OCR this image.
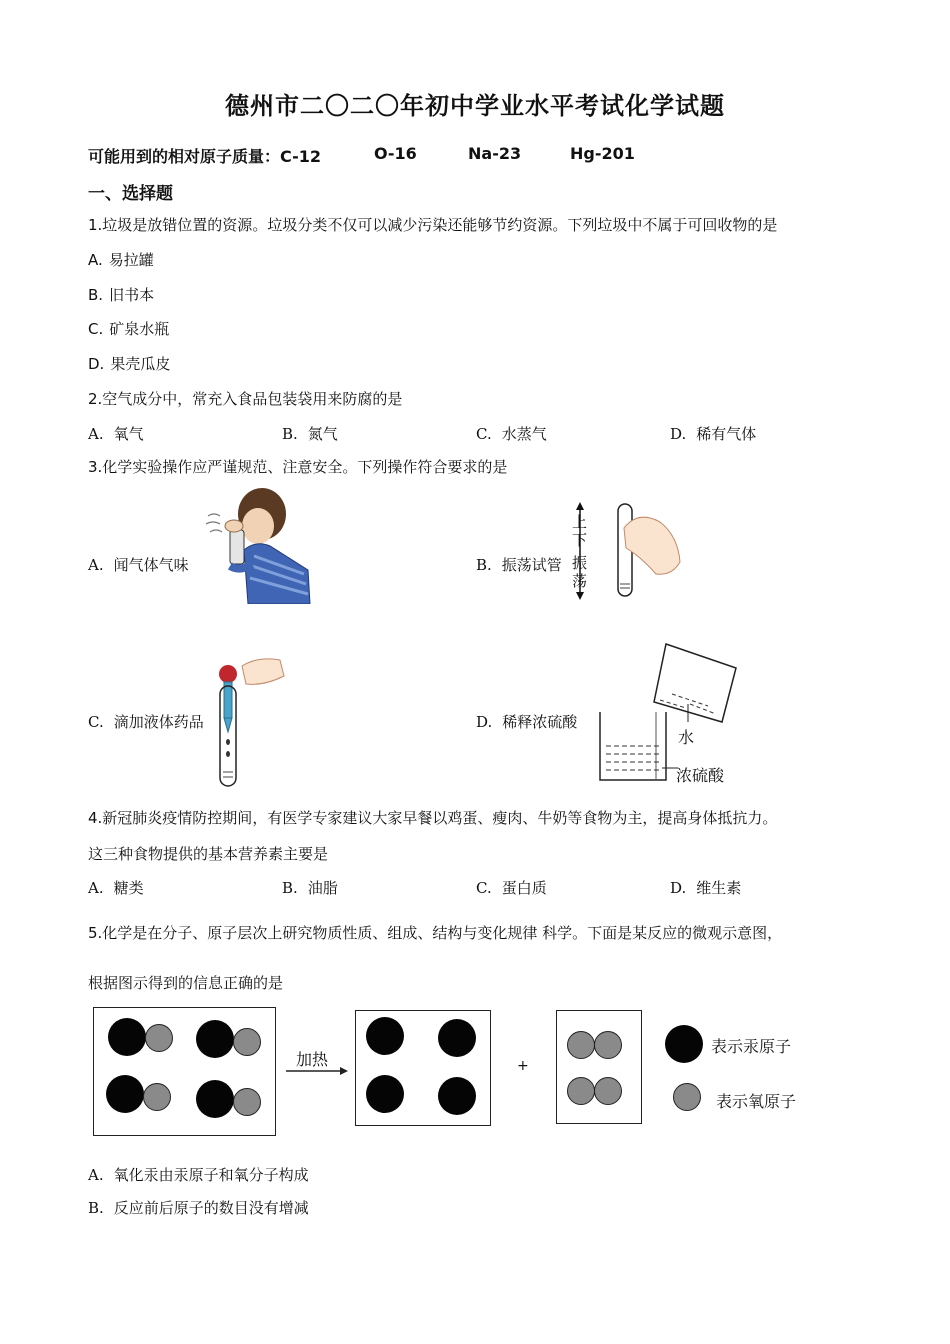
德州市二〇二〇年初中学业水平考试化学试题
可能用到的相对原子质量：C-12	O-16	Na-23	Hg-201
一、选择题
1.垃圾是放错位置的资源。垃圾分类不仅可以减少污染还能够节约资源。下列垃圾中不属于可回收物的是
A. 易拉罐
B. 旧书本
C. 矿泉水瓶
D. 果壳瓜皮
2.空气成分中，常充入食品包装袋用来防腐的是
A. 氧气	B. 氮气	C. 水蒸气	D. 稀有气体
3.化学实验操作应严谨规范、注意安全。下列操作符合要求的是
A. 闻气体气味	B. 振荡试管
C. 滴加液体药品	D. 稀释浓硫酸
上
下
振
荡
水
浓硫酸
4.新冠肺炎疫情防控期间，有医学专家建议大家早餐以鸡蛋、瘦肉、牛奶等食物为主，提高身体抵抗力。
这三种食物提供的基本营养素主要是
A. 糖类	B. 油脂	C. 蛋白质	D. 维生素
5.化学是在分子、原子层次上研究物质性质、组成、结构与变化规律 科学。下面是某反应的微观示意图，
根据图示得到的信息正确的是
加热	+
表示汞原子
表示氧原子
A. 氧化汞由汞原子和氧分子构成
B. 反应前后原子的数目没有增减
